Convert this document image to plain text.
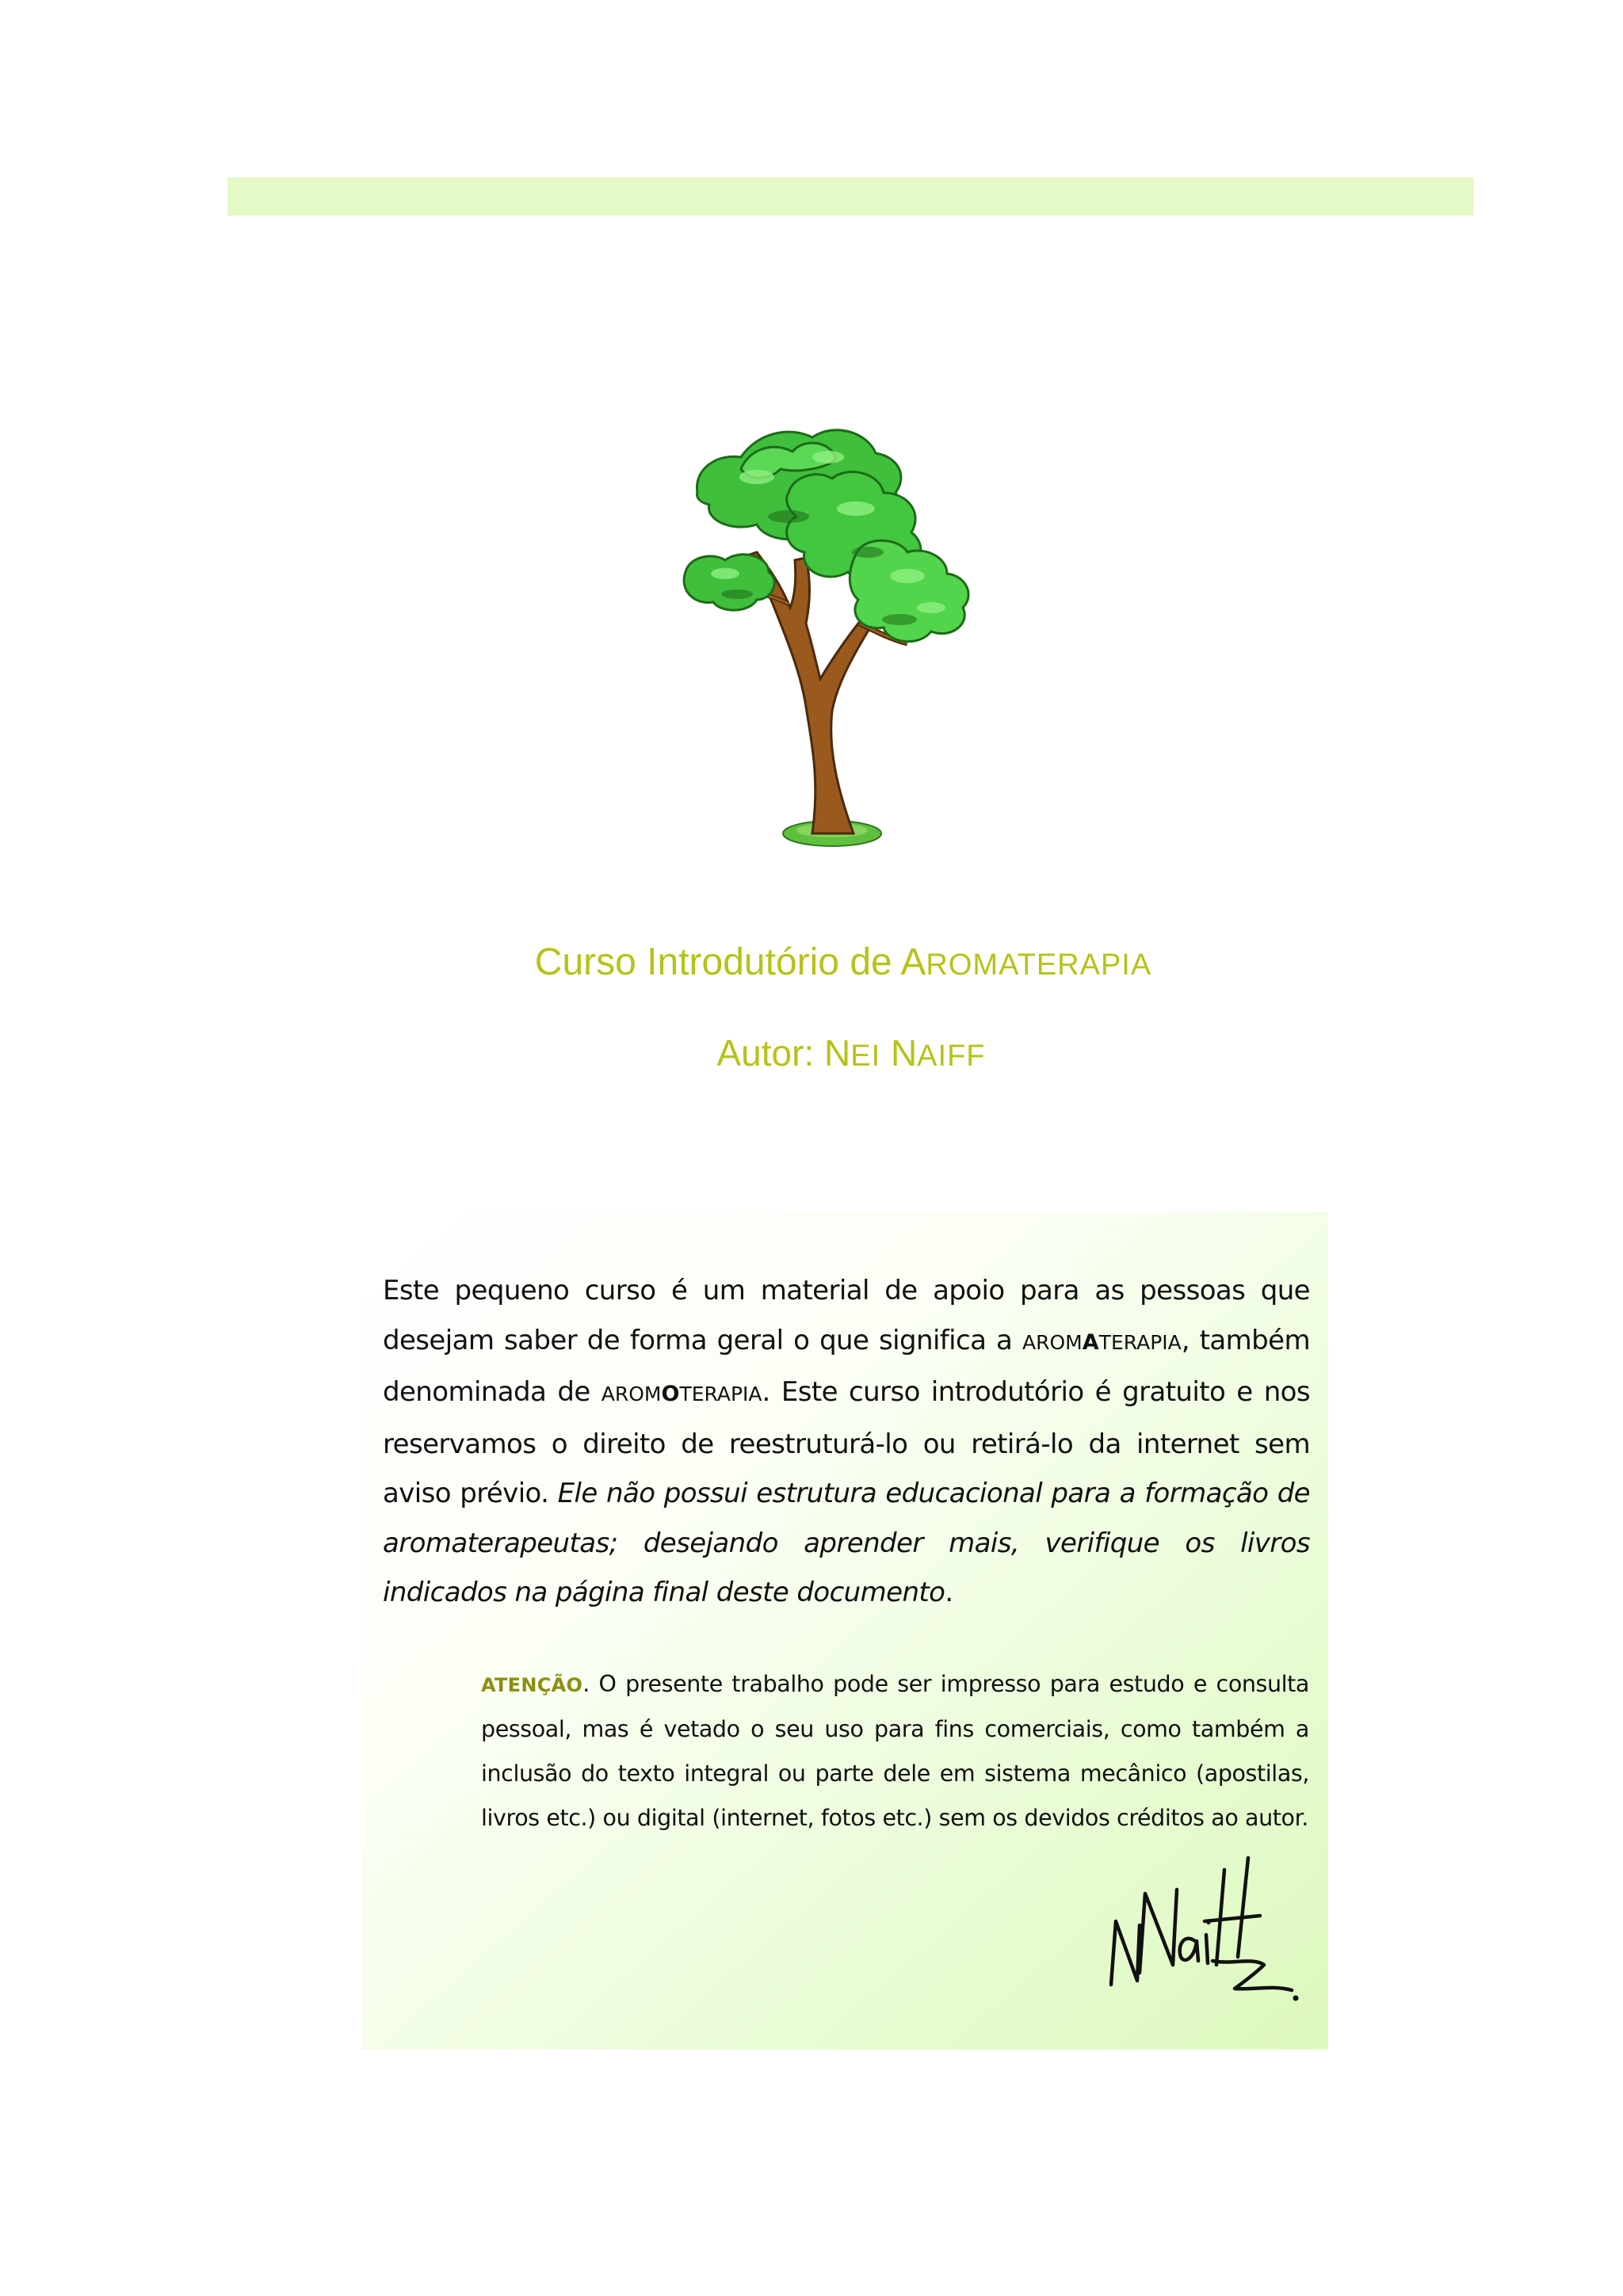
Curso Introdutório de AROMATERAPIA
Autor: NEI NAIFF

Este pequeno curso é um material de apoio para as pessoas que desejam saber de forma geral o que significa a AROMATERAPIA, também denominada de AROMOTERAPIA. Este curso introdutório é gratuito e nos reservamos o direito de reestruturá-lo ou retirá-lo da internet sem aviso prévio. Ele não possui estrutura educacional para a formação de aromaterapeutas; desejando aprender mais, verifique os livros indicados na página final deste documento.

ATENÇÃO. O presente trabalho pode ser impresso para estudo e consulta pessoal, mas é vetado o seu uso para fins comerciais, como também a inclusão do texto integral ou parte dele em sistema mecânico (apostilas, livros etc.) ou digital (internet, fotos etc.) sem os devidos créditos ao autor.
